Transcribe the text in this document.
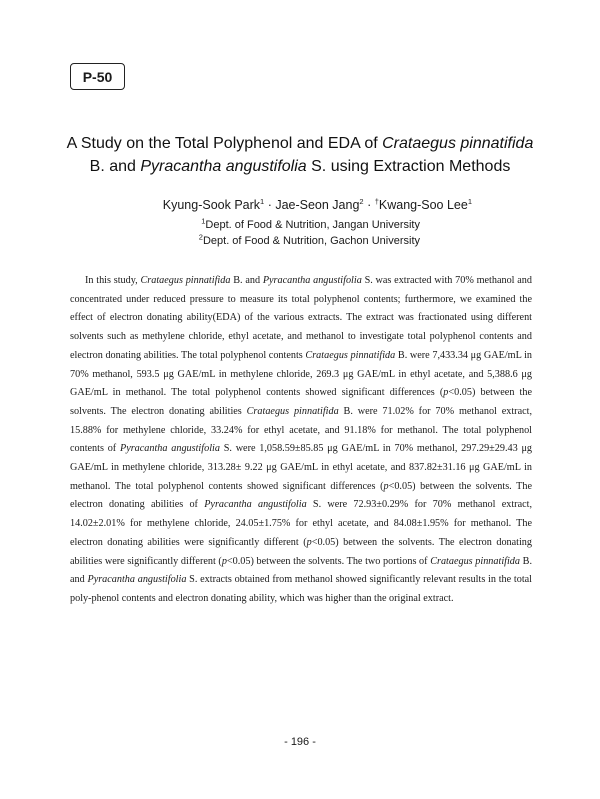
P-50
A Study on the Total Polyphenol and EDA of Crataegus pinnatifida
B. and Pyracantha angustifolia S. using Extraction Methods
Kyung-Sook Park$^1$ · Jae-Seon Jang$^2$ · †Kwang-Soo Lee$^1$
$^1$Dept. of Food & Nutrition, Jangan University
$^2$Dept. of Food & Nutrition, Gachon University

In this study, Crataegus pinnatifida B. and Pyracantha angustifolia S. was extracted with 70% methanol and concentrated under reduced pressure to measure its total polyphenol contents; furthermore, we examined the effect of electron donating ability(EDA) of the various extracts. The extract was fractionated using different solvents such as methylene chloride, ethyl acetate, and methanol to investigate total polyphenol contents and electron donating abilities. The total polyphenol contents Crataegus pinnatifida B. were 7,433.34 μg GAE/mL in 70% methanol, 593.5 μg GAE/mL in methylene chloride, 269.3 μg GAE/mL in ethyl acetate, and 5,388.6 μg GAE/mL in methanol. The total polyphenol contents showed significant differences (p<0.05) between the solvents. The electron donating abilities Crataegus pinnatifida B. were 71.02% for 70% methanol extract, 15.88% for methylene chloride, 33.24% for ethyl acetate, and 91.18% for methanol. The total polyphenol contents of Pyracantha angustifolia S. were 1,058.59±85.85 μg GAE/mL in 70% methanol, 297.29±29.43 μg GAE/mL in methylene chloride, 313.28± 9.22 μg GAE/mL in ethyl acetate, and 837.82±31.16 μg GAE/mL in methanol. The total polyphenol contents showed significant differences (p<0.05) between the solvents. The electron donating abilities of Pyracantha angustifolia S. were 72.93±0.29% for 70% methanol extract, 14.02±2.01% for methylene chloride, 24.05±1.75% for ethyl acetate, and 84.08±1.95% for methanol. The electron donating abilities were significantly different (p<0.05) between the solvents. The electron donating abilities were significantly different (p<0.05) between the solvents. The two portions of Crataegus pinnatifida B. and Pyracantha angustifolia S. extracts obtained from methanol showed significantly relevant results in the total poly-phenol contents and electron donating ability, which was higher than the original extract.

- 196 -
